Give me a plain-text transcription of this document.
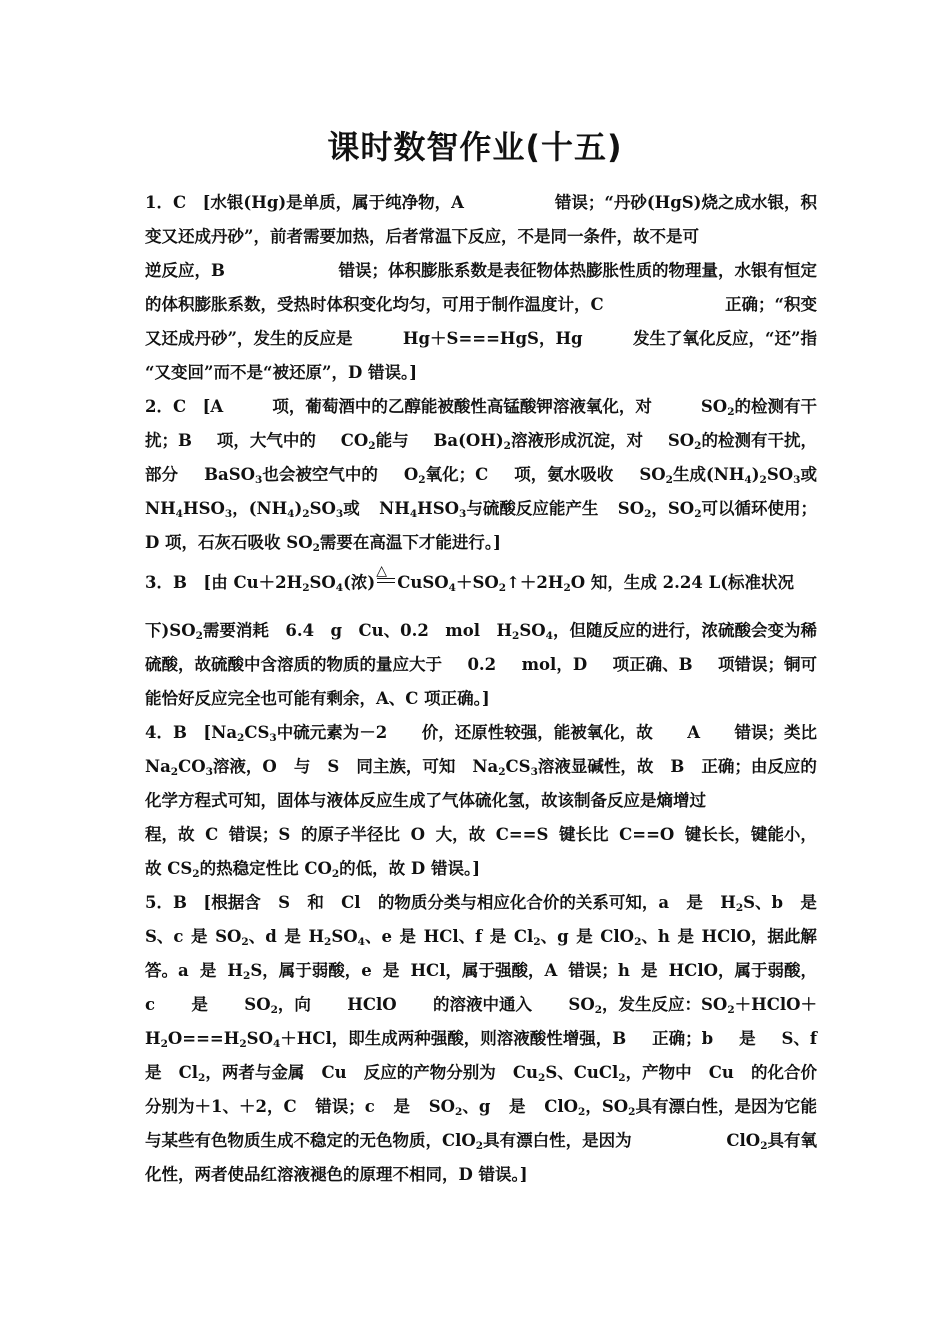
课时数智作业(十五)
1．C　[水银(Hg)是单质，属于纯净物，A	错误；“丹砂(HgS)烧之成水银，积
变又还成丹砂”，前者需要加热，后者常温下反应，不是同一条件，故不是可
逆反应，B	错误；体积膨胀系数是表征物体热膨胀性质的物理量，水银有恒定
的体积膨胀系数，受热时体积变化均匀，可用于制作温度计，C	正确；“积变
又还成丹砂”，发生的反应是	Hg＋S===HgS，Hg	发生了氧化反应，“还”指
“又变回”而不是“被还原”，D 错误。]
2．C　[A	项，葡萄酒中的乙醇能被酸性高锰酸钾溶液氧化，对	$SO_2$的检测有干
扰；B 项，大气中的 $CO_2$能与 $Ba(OH)_2$溶液形成沉淀，对 $SO_2$的检测有干扰，
部分 BaSO$_3$也会被空气中的 $O_2$氧化；C 项，氨水吸收 $SO_2$生成$(NH_4)_2SO_3$或
$NH_4HSO_3$，$(NH_4)_2SO_3$或 $NH_4HSO_3$与硫酸反应能产生 $SO_2$，$SO_2$可以循环使用；
D 项，石灰石吸收 $SO_2$需要在高温下才能进行。]
3．B　[由 $Cu+2H_2SO_4$(浓)
△
$CuSO_4+SO_2↑+2H_2O$ 知，生成 2.24 L(标准状况
下)$SO_2$需要消耗 6.4 g Cu、0.2 mol $H_2SO_4$，但随反应的进行，浓硫酸会变为稀
硫酸，故硫酸中含溶质的物质的量应大于 0.2 mol，D 项正确、B 项错误；铜可
能恰好反应完全也可能有剩余，A、C 项正确。]
4．B　[$Na_2CS_3$中硫元素为－2 价，还原性较强，能被氧化，故 A 错误；类比
$Na_2CO_3$溶液，O 与 S 同主族，可知 $Na_2CS_3$溶液显碱性，故 B 正确；由反应的
化学方程式可知，固体与液体反应生成了气体硫化氢，故该制备反应是熵增过
程，故 C 错误；S 的原子半径比 O 大，故 C==S 键长比 C==O 键长长，键能小，
故 $CS_2$的热稳定性比 $CO_2$的低，故 D 错误。]
5．B　[根据含 S 和 Cl 的物质分类与相应化合价的关系可知，a 是 $H_2S$、b 是
S、c 是 $SO_2$、d 是 $H_2SO_4$、e 是 HCl、f 是 $Cl_2$、g 是 ClO$_2$、h 是 HClO，据此解
答。a 是 $H_2S$，属于弱酸，e 是 HCl，属于强酸，A 错误；h 是 HClO，属于弱酸，
c 是 $SO_2$，向 HClO 的溶液中通入 $SO_2$，发生反应：$SO_2+HClO+$
$H_2O===H_2SO_4+HCl$，即生成两种强酸，则溶液酸性增强，B 正确；b 是 S、f
是 $Cl_2$，两者与金属 Cu 反应的产物分别为 $Cu_2S$、CuCl$_2$，产物中 Cu 的化合价
分别为＋1、＋2，C 错误；c 是 $SO_2$、g 是 ClO$_2$，$SO_2$具有漂白性，是因为它能
与某些有色物质生成不稳定的无色物质，ClO$_2$具有漂白性，是因为	ClO$_2$具有氧
化性，两者使品红溶液褪色的原理不相同，D 错误。]
